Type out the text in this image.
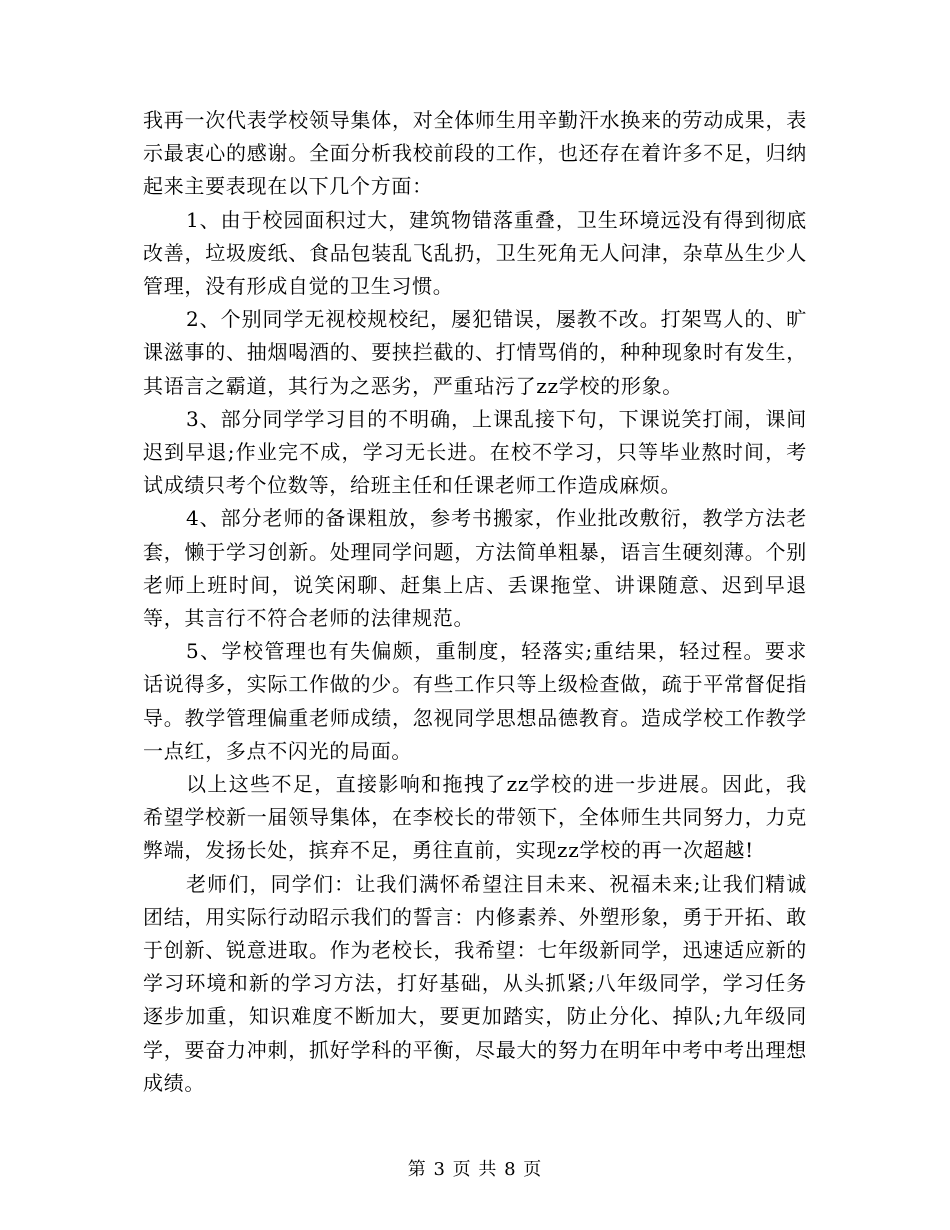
我再一次代表学校领导集体，对全体师生用辛勤汗水换来的劳动成果，表示最衷心的感谢。全面分析我校前段的工作，也还存在着许多不足，归纳起来主要表现在以下几个方面：

1、由于校园面积过大，建筑物错落重叠，卫生环境远没有得到彻底改善，垃圾废纸、食品包装乱飞乱扔，卫生死角无人问津，杂草丛生少人管理，没有形成自觉的卫生习惯。

2、个别同学无视校规校纪，屡犯错误，屡教不改。打架骂人的、旷课滋事的、抽烟喝酒的、要挟拦截的、打情骂俏的，种种现象时有发生，其语言之霸道，其行为之恶劣，严重玷污了zz学校的形象。

3、部分同学学习目的不明确，上课乱接下句，下课说笑打闹，课间迟到早退;作业完不成，学习无长进。在校不学习，只等毕业熬时间，考试成绩只考个位数等，给班主任和任课老师工作造成麻烦。

4、部分老师的备课粗放，参考书搬家，作业批改敷衍，教学方法老套，懒于学习创新。处理同学问题，方法简单粗暴，语言生硬刻薄。个别老师上班时间，说笑闲聊、赶集上店、丢课拖堂、讲课随意、迟到早退等，其言行不符合老师的法律规范。

5、学校管理也有失偏颇，重制度，轻落实;重结果，轻过程。要求话说得多，实际工作做的少。有些工作只等上级检查做，疏于平常督促指导。教学管理偏重老师成绩，忽视同学思想品德教育。造成学校工作教学一点红，多点不闪光的局面。

以上这些不足，直接影响和拖拽了zz学校的进一步进展。因此，我希望学校新一届领导集体，在李校长的带领下，全体师生共同努力，力克弊端，发扬长处，摈弃不足，勇往直前，实现zz学校的再一次超越!

老师们，同学们：让我们满怀希望注目未来、祝福未来;让我们精诚团结，用实际行动昭示我们的誓言：内修素养、外塑形象，勇于开拓、敢于创新、锐意进取。作为老校长，我希望：七年级新同学，迅速适应新的学习环境和新的学习方法，打好基础，从头抓紧;八年级同学，学习任务逐步加重，知识难度不断加大，要更加踏实，防止分化、掉队;九年级同学，要奋力冲刺，抓好学科的平衡，尽最大的努力在明年中考中考出理想成绩。

第 3 页 共 8 页
